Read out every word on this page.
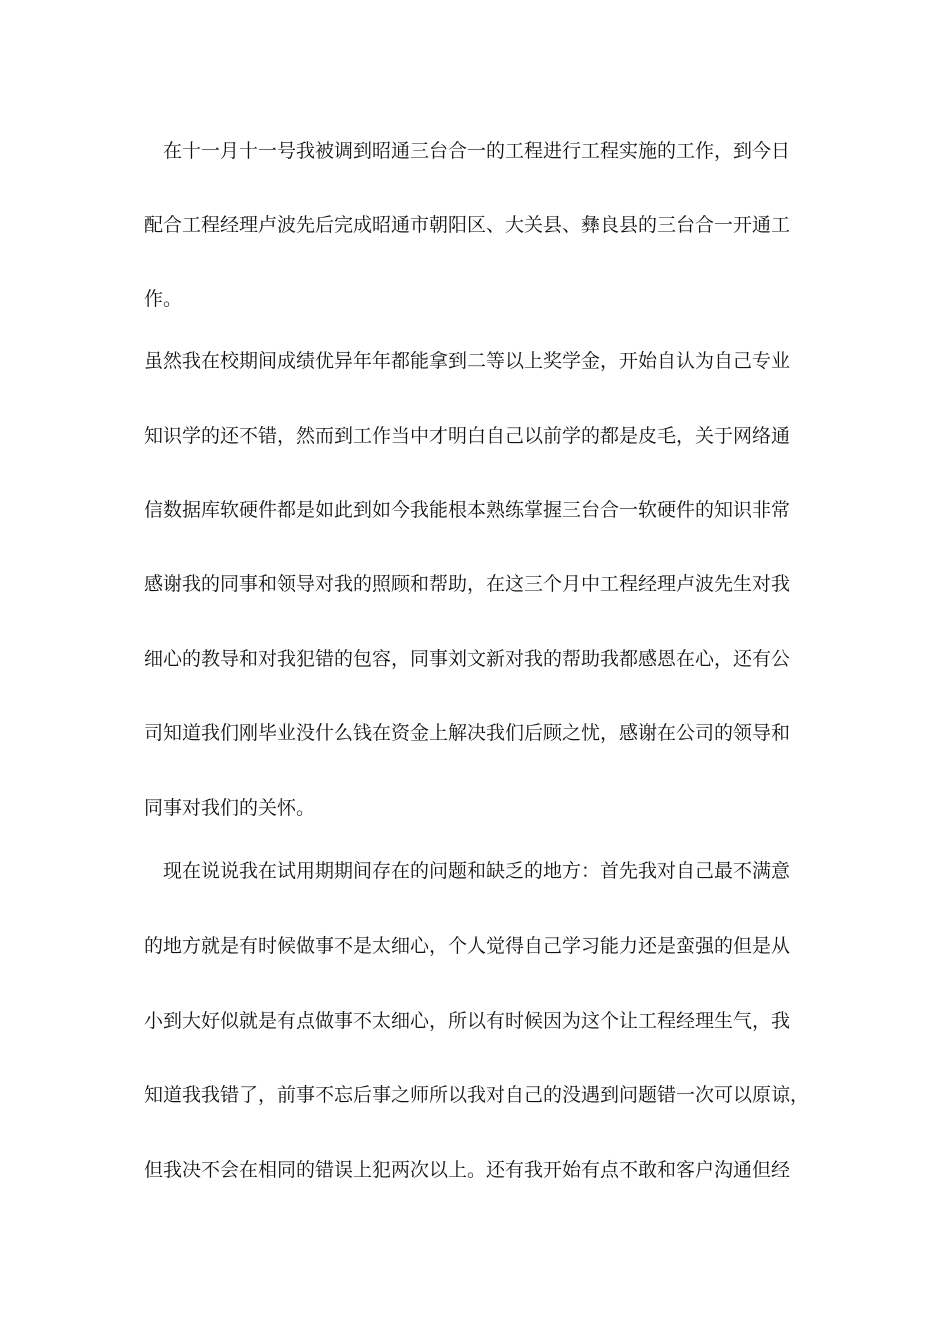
　在十一月十一号我被调到昭通三台合一的工程进行工程实施的工作，到今日
配合工程经理卢波先后完成昭通市朝阳区、大关县、彝良县的三台合一开通工
作。
虽然我在校期间成绩优异年年都能拿到二等以上奖学金，开始自认为自己专业
知识学的还不错，然而到工作当中才明白自己以前学的都是皮毛，关于网络通
信数据库软硬件都是如此到如今我能根本熟练掌握三台合一软硬件的知识非常
感谢我的同事和领导对我的照顾和帮助，在这三个月中工程经理卢波先生对我
细心的教导和对我犯错的包容，同事刘文新对我的帮助我都感恩在心，还有公
司知道我们刚毕业没什么钱在资金上解决我们后顾之忧，感谢在公司的领导和
同事对我们的关怀。
　现在说说我在试用期期间存在的问题和缺乏的地方：首先我对自己最不满意
的地方就是有时候做事不是太细心，个人觉得自己学习能力还是蛮强的但是从
小到大好似就是有点做事不太细心，所以有时候因为这个让工程经理生气，我
知道我我错了，前事不忘后事之师所以我对自己的没遇到问题错一次可以原谅，
但我决不会在相同的错误上犯两次以上。还有我开始有点不敢和客户沟通但经
